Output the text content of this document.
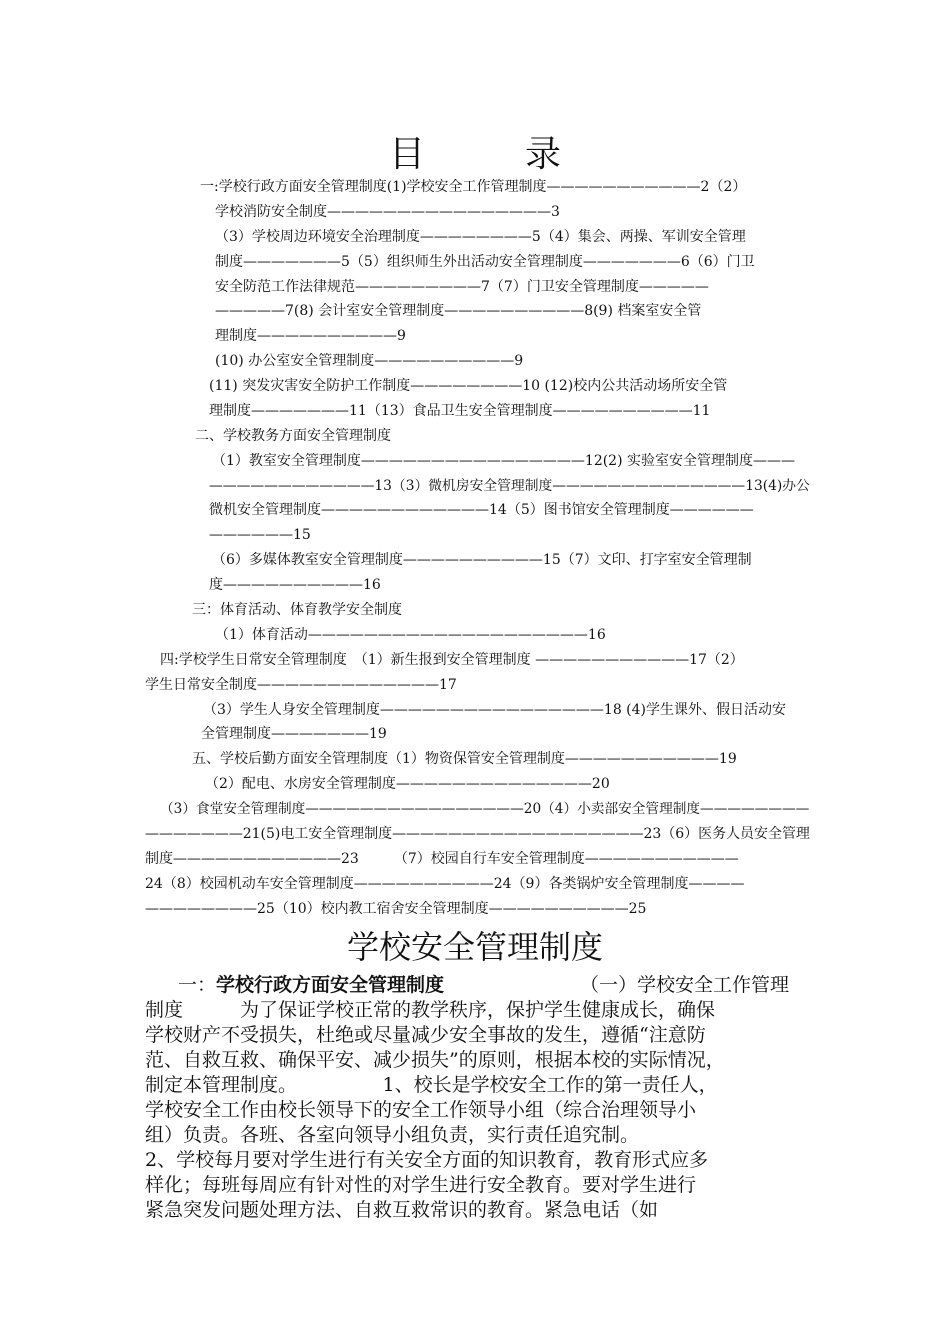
目	录
一:学校行政方面安全管理制度(1)学校安全工作管理制度———————————2（2）
学校消防安全制度————————————————3
（3）学校周边环境安全治理制度————————5（4）集会、两操、军训安全管理
制度———————5（5）组织师生外出活动安全管理制度———————6（6）门卫
安全防范工作法律规范—————————7（7）门卫安全管理制度—————
—————7(8) 会计室安全管理制度——————————8(9) 档案室安全管
理制度——————————9
(10) 办公室安全管理制度——————————9
(11) 突发灾害安全防护工作制度————————10 (12)校内公共活动场所安全管
理制度———————11（13）食品卫生安全管理制度——————————11
二、学校教务方面安全管理制度
（1）教室安全管理制度————————————————12(2) 实验室安全管理制度———
————————————13（3）微机房安全管理制度——————————————13(4)办公
微机安全管理制度————————————14（5）图书馆安全管理制度——————
——————15
（6）多媒体教室安全管理制度——————————15（7）文印、打字室安全管理制
度——————————16
三：体育活动、体育教学安全制度
（1）体育活动————————————————————16
四:学校学生日常安全管理制度　（1）新生报到安全管理制度 ———————————17（2）
学生日常安全制度—————————————17
（3）学生人身安全管理制度————————————————18 (4)学生课外、假日活动安
全管理制度———————19
五、学校后勤方面安全管理制度（1）物资保管安全管理制度———————————19
（2）配电、水房安全管理制度——————————————20
（3）食堂安全管理制度————————————————20（4）小卖部安全管理制度————————
———————21(5)电工安全管理制度——————————————————23（6）医务人员安全管理
制度————————————23　　　（7）校园自行车安全管理制度———————————
24（8）校园机动车安全管理制度——————————24（9）各类锅炉安全管理制度————
————————25（10）校内教工宿舍安全管理制度——————————25
学校安全管理制度
一：学校行政方面安全管理制度	（一）学校安全工作管理
制度　　　为了保证学校正常的教学秩序，保护学生健康成长，确保
学校财产不受损失，杜绝或尽量减少安全事故的发生，遵循“注意防
范、自救互救、确保平安、减少损失”的原则，根据本校的实际情况，
制定本管理制度。　　　　　1、校长是学校安全工作的第一责任人，
学校安全工作由校长领导下的安全工作领导小组（综合治理领导小
组）负责。各班、各室向领导小组负责，实行责任追究制。
2、学校每月要对学生进行有关安全方面的知识教育，教育形式应多
样化；每班每周应有针对性的对学生进行安全教育。要对学生进行
紧急突发问题处理方法、自救互救常识的教育。紧急电话（如
